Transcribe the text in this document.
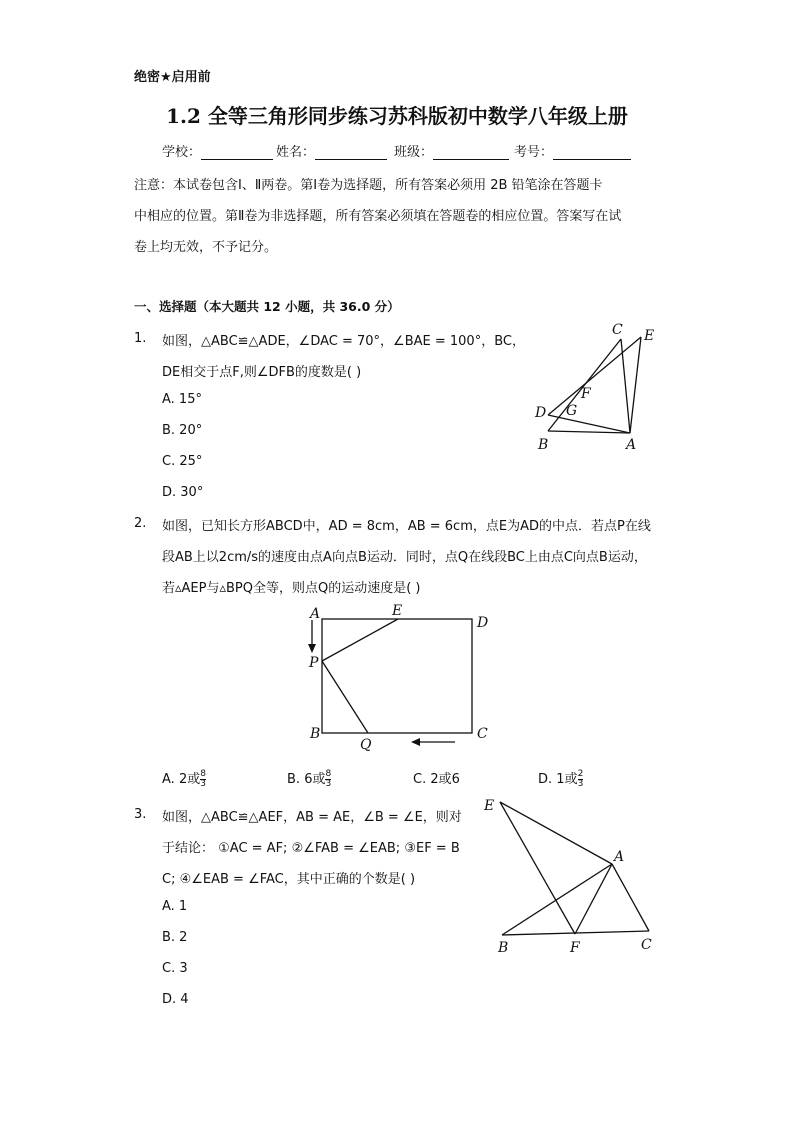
绝密★启用前
1.2 全等三角形同步练习苏科版初中数学八年级上册
学校：	姓名：	班级：	考号：
注意：本试卷包含Ⅰ、Ⅱ两卷。第Ⅰ卷为选择题，所有答案必须用 2B 铅笔涂在答题卡
中相应的位置。第Ⅱ卷为非选择题，所有答案必须填在答题卷的相应位置。答案写在试
卷上均无效，不予记分。
一、选择题（本大题共 12 小题，共 36.0 分）
1. 如图，△ABC≌△ADE，∠DAC = 70°，∠BAE = 100°，BC，
DE相交于点F,则∠DFB的度数是( )
A. 15°
B. 20°
C. 25°
D. 30°
C E
F
D G
B	A
2. 如图，已知长方形ABCD中，AD = 8cm，AB = 6cm，点E为AD的中点．若点P在线
段AB上以2cm/s的速度由点A向点B运动．同时，点Q在线段BC上由点C向点B运动，
若▵AEP与▵BPQ全等，则点Q的运动速度是( )
A	E
D
P
B
Q
C
A. 2或 $\frac{8}{3}$	B. 6或 $\frac{8}{3}$	C. 2或6	D. 1或 $\frac{2}{3}$
3. 如图，△ABC≌△AEF，AB = AE，∠B = ∠E，则对
于结论： ①AC = AF; ②∠FAB = ∠EAB; ③EF = B
C; ④∠EAB = ∠FAC，其中正确的个数是( )
A. 1
B. 2
C. 3
D. 4
E
A
B	F	C
